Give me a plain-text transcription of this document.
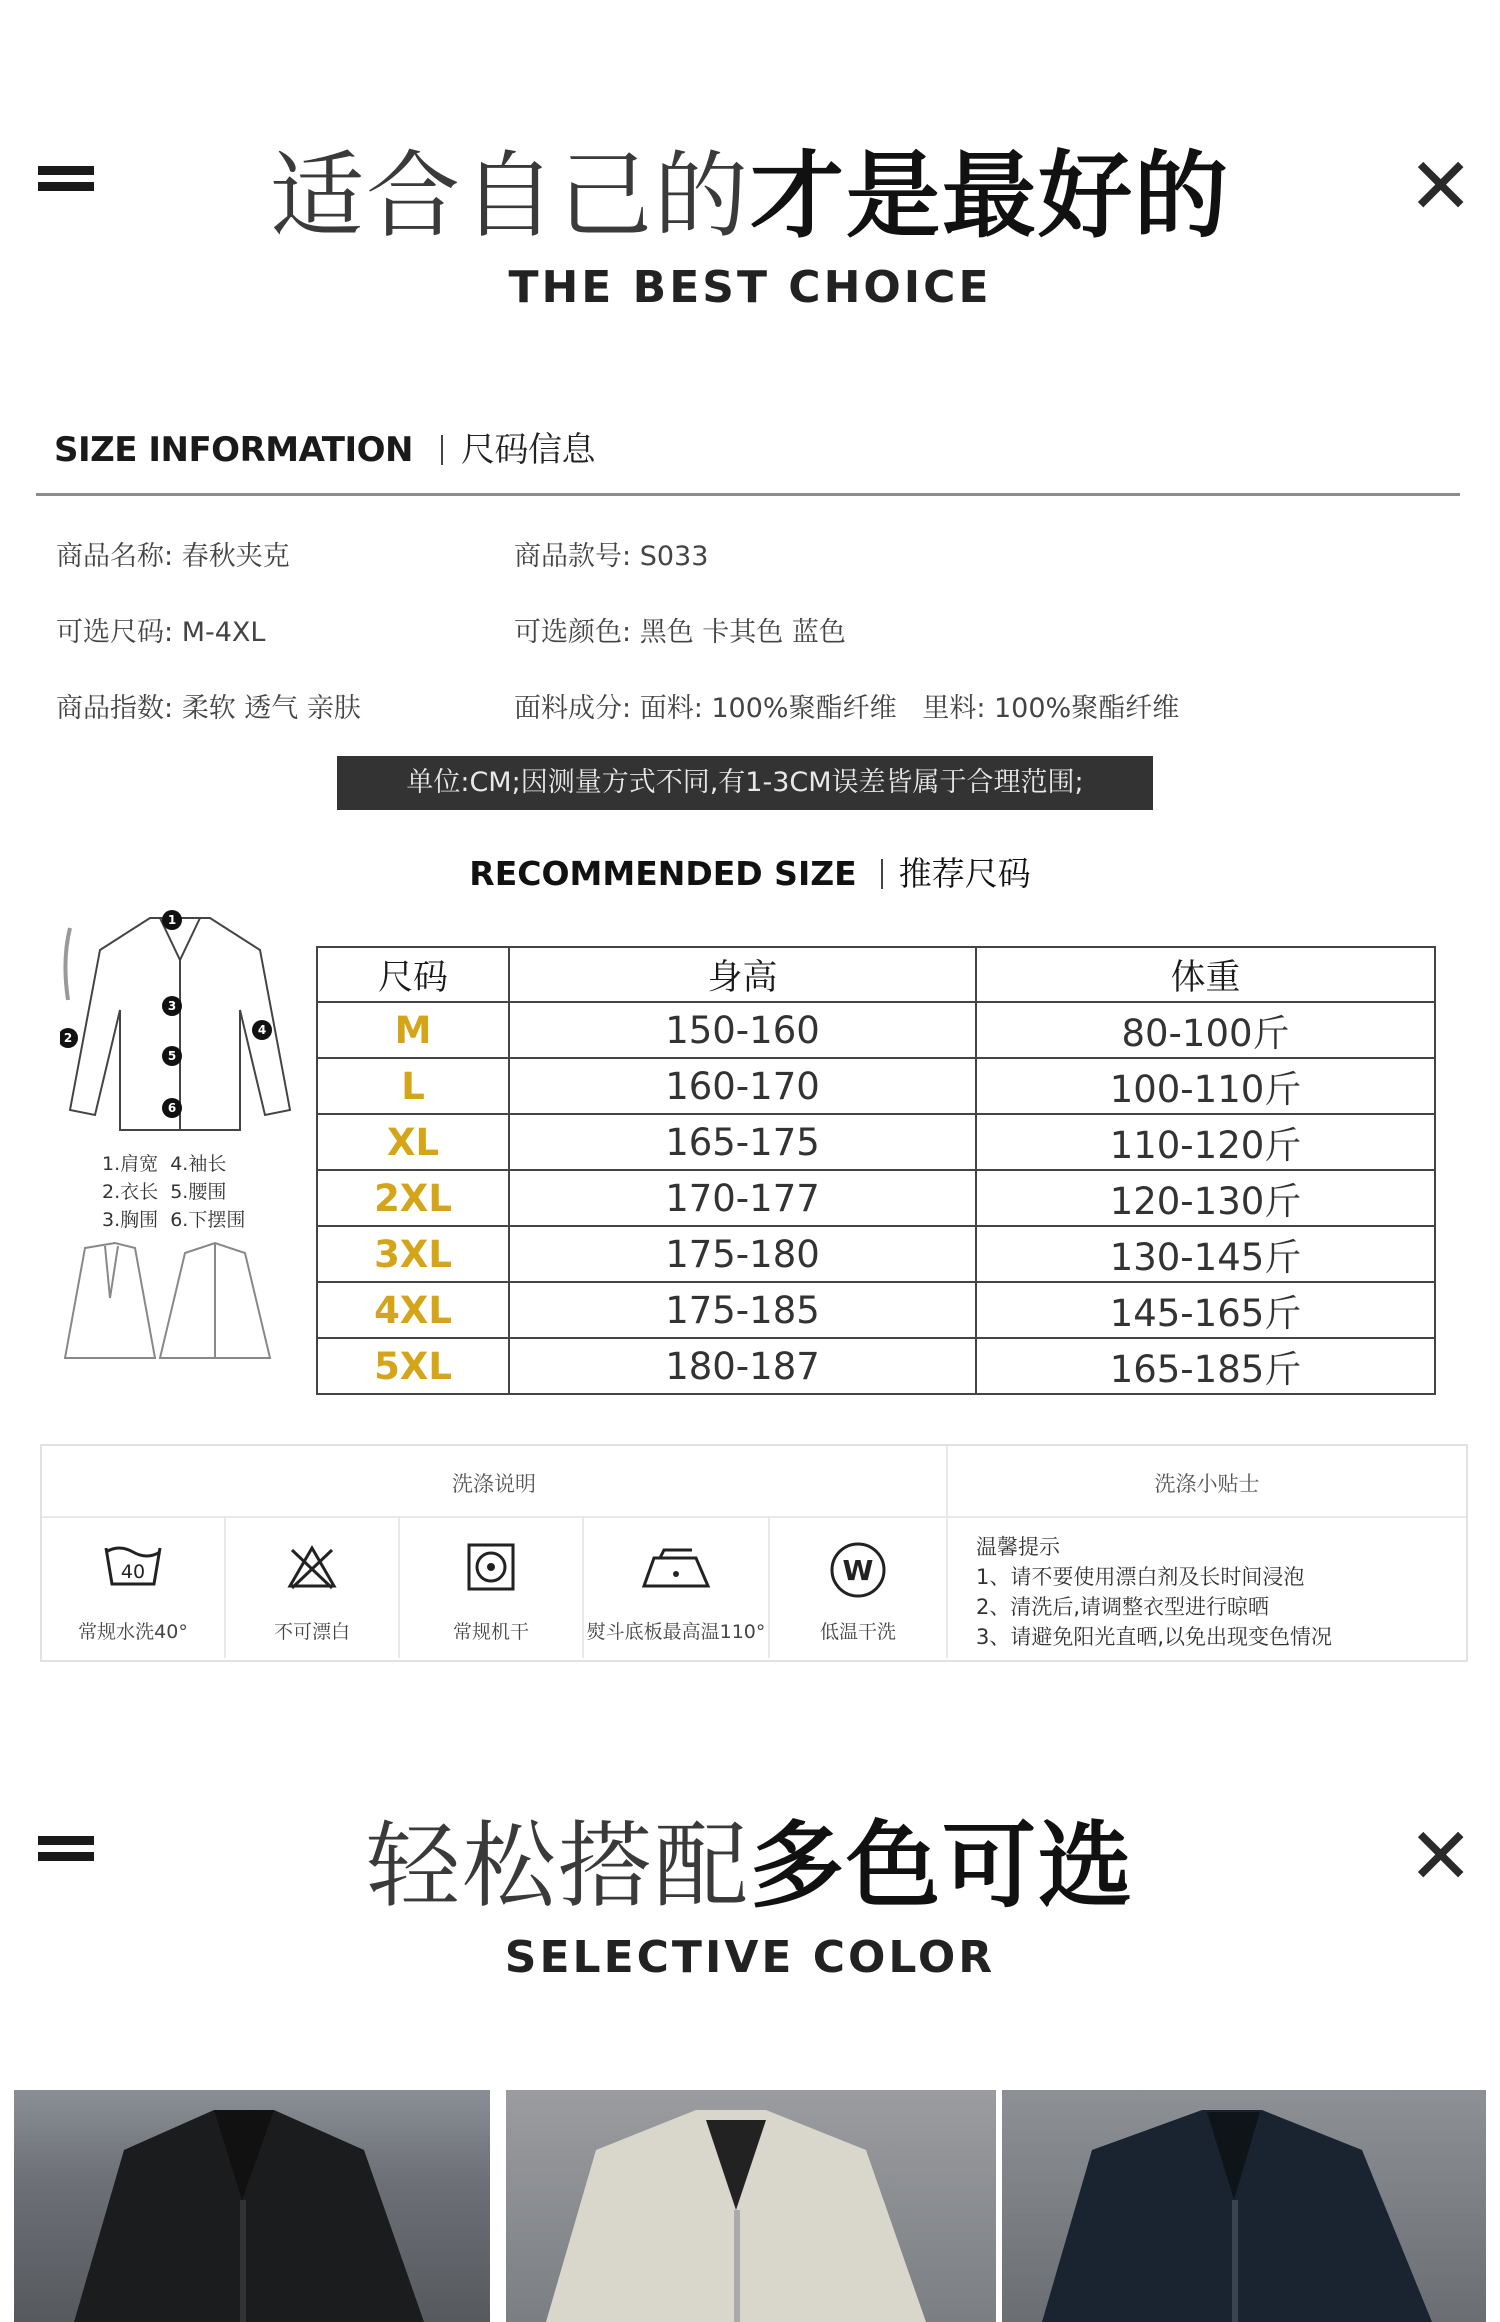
✕
适合自己的才是最好的
THE BEST CHOICE
SIZE INFORMATION 尺码信息
商品名称: 春秋夹克	商品款号: S033
可选尺码: M-4XL	可选颜色: 黑色 卡其色 蓝色
商品指数: 柔软 透气 亲肤	面料成分: 面料: 100%聚酯纤维 里料: 100%聚酯纤维
单位:CM;因测量方式不同,有1-3CM误差皆属于合理范围;
RECOMMENDED SIZE 推荐尺码
1
2
3
4
5
6
1.肩宽  4.袖长
2.衣长  5.腰围
3.胸围  6.下摆围
尺码	身高	体重
M	150-160	80-100斤
L	160-170	100-110斤
XL	165-175	110-120斤
2XL	170-177	120-130斤
3XL	175-180	130-145斤
4XL	175-185	145-165斤
5XL	180-187	165-185斤
洗涤说明	洗涤小贴士
40
常规水洗40°	不可漂白	常规机干	熨斗底板最高温110°
W
低温干洗
温馨提示
1、请不要使用漂白剂及长时间浸泡
2、清洗后,请调整衣型进行晾晒
3、请避免阳光直晒,以免出现变色情况
✕
轻松搭配多色可选
SELECTIVE COLOR
